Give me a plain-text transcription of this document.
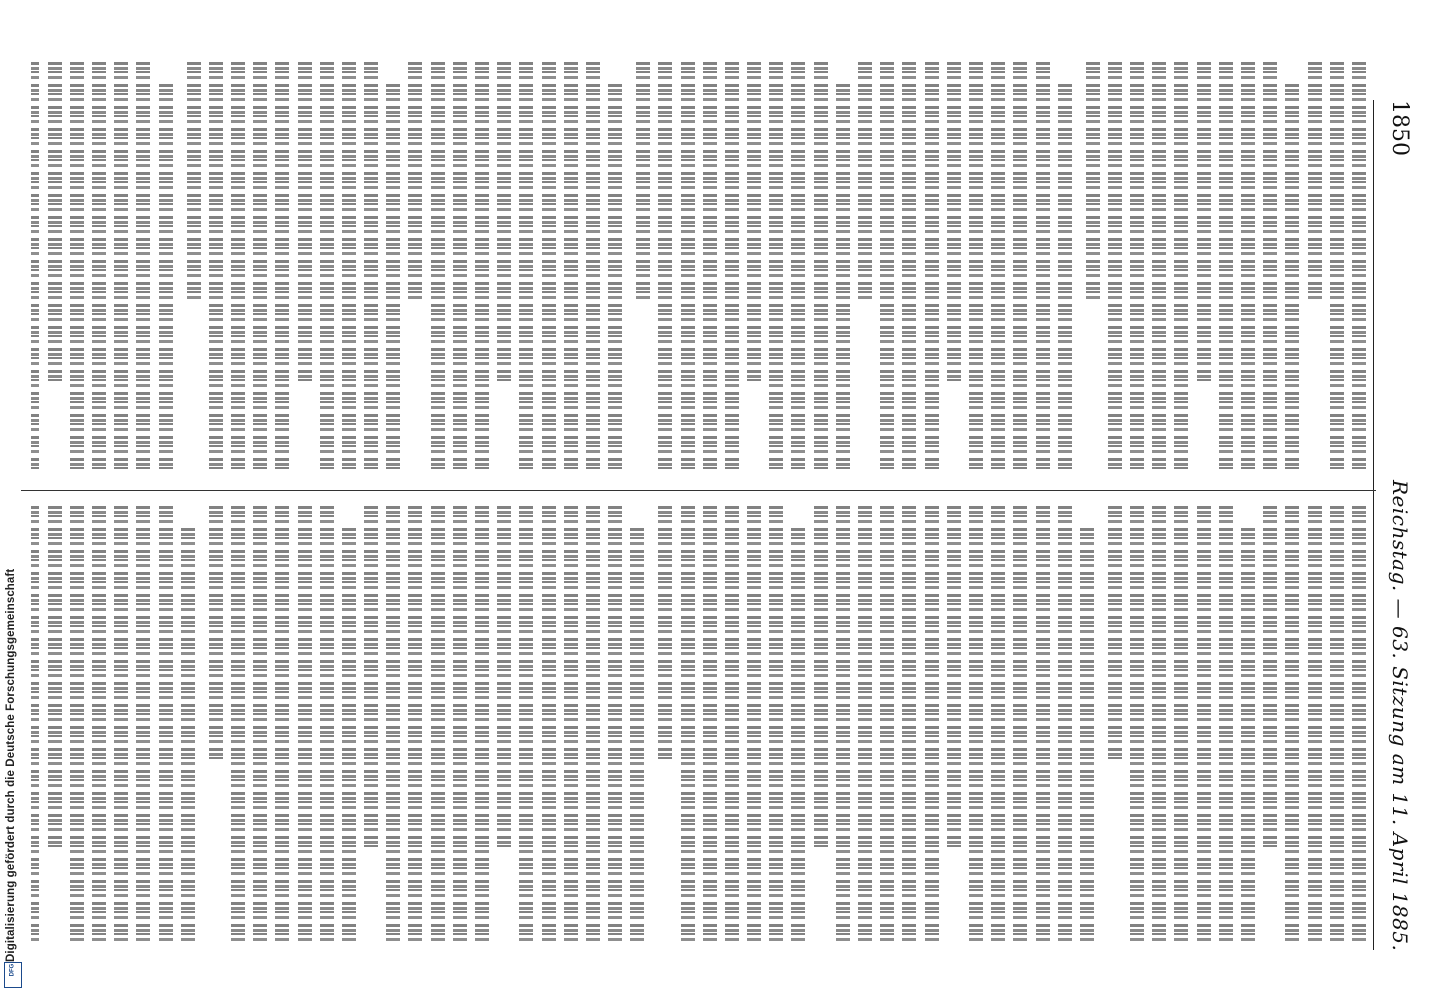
1850
Reichstag. — 63. Sitzung am 11. April 1885.
Digitalisierung gefördert durch die Deutsche Forschungsgemeinschaft
DFG
